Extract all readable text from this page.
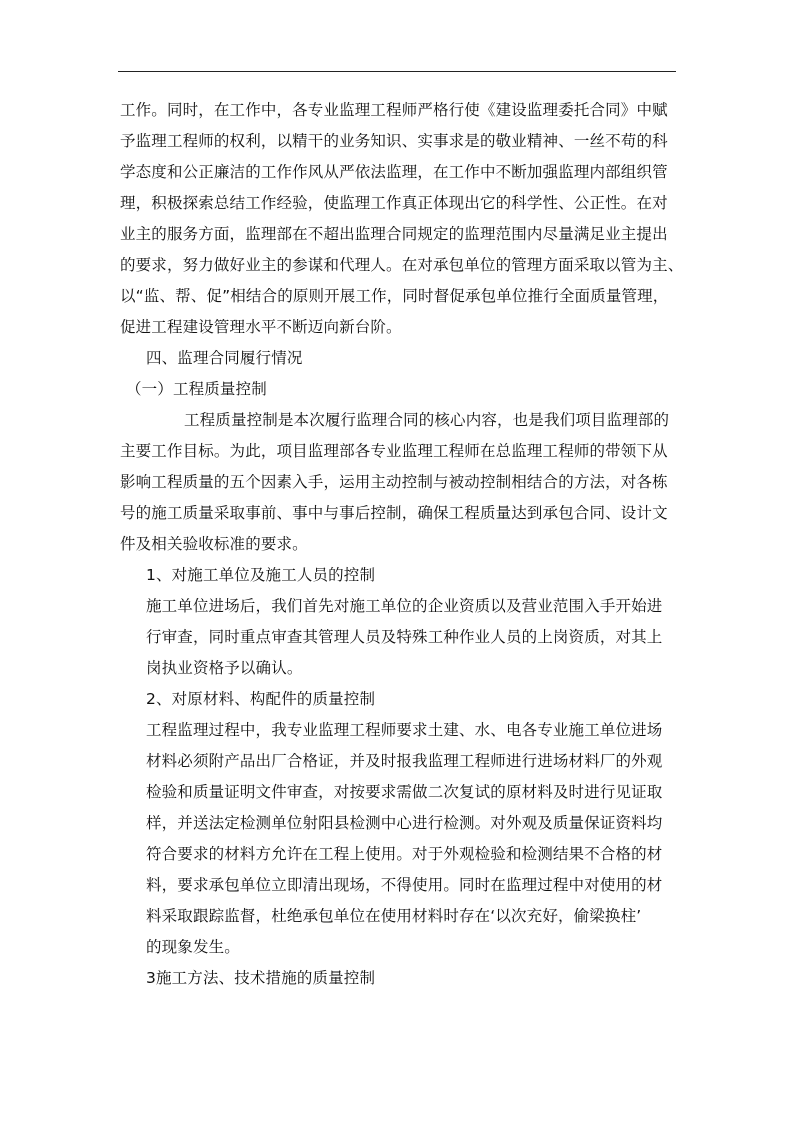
工作。同时，在工作中，各专业监理工程师严格行使《建设监理委托合同》中赋
予监理工程师的权利，以精干的业务知识、实事求是的敬业精神、一丝不苟的科
学态度和公正廉洁的工作作风从严依法监理，在工作中不断加强监理内部组织管
理，积极探索总结工作经验，使监理工作真正体现出它的科学性、公正性。在对
业主的服务方面，监理部在不超出监理合同规定的监理范围内尽量满足业主提出
的要求，努力做好业主的参谋和代理人。在对承包单位的管理方面采取以管为主、
以“监、帮、促”相结合的原则开展工作，同时督促承包单位推行全面质量管理，
促进工程建设管理水平不断迈向新台阶。
四、监理合同履行情况
（一）工程质量控制
工程质量控制是本次履行监理合同的核心内容，也是我们项目监理部的
主要工作目标。为此，项目监理部各专业监理工程师在总监理工程师的带领下从
影响工程质量的五个因素入手，运用主动控制与被动控制相结合的方法，对各栋
号的施工质量采取事前、事中与事后控制，确保工程质量达到承包合同、设计文
件及相关验收标准的要求。
1、对施工单位及施工人员的控制
施工单位进场后，我们首先对施工单位的企业资质以及营业范围入手开始进
行审查，同时重点审查其管理人员及特殊工种作业人员的上岗资质，对其上
岗执业资格予以确认。
2、对原材料、构配件的质量控制
工程监理过程中，我专业监理工程师要求土建、水、电各专业施工单位进场
材料必须附产品出厂合格证，并及时报我监理工程师进行进场材料厂的外观
检验和质量证明文件审查，对按要求需做二次复试的原材料及时进行见证取
样，并送法定检测单位射阳县检测中心进行检测。对外观及质量保证资料均
符合要求的材料方允许在工程上使用。对于外观检验和检测结果不合格的材
料，要求承包单位立即清出现场，不得使用。同时在监理过程中对使用的材
料采取跟踪监督，杜绝承包单位在使用材料时存在‘以次充好，偷梁换柱’
的现象发生。
3施工方法、技术措施的质量控制
